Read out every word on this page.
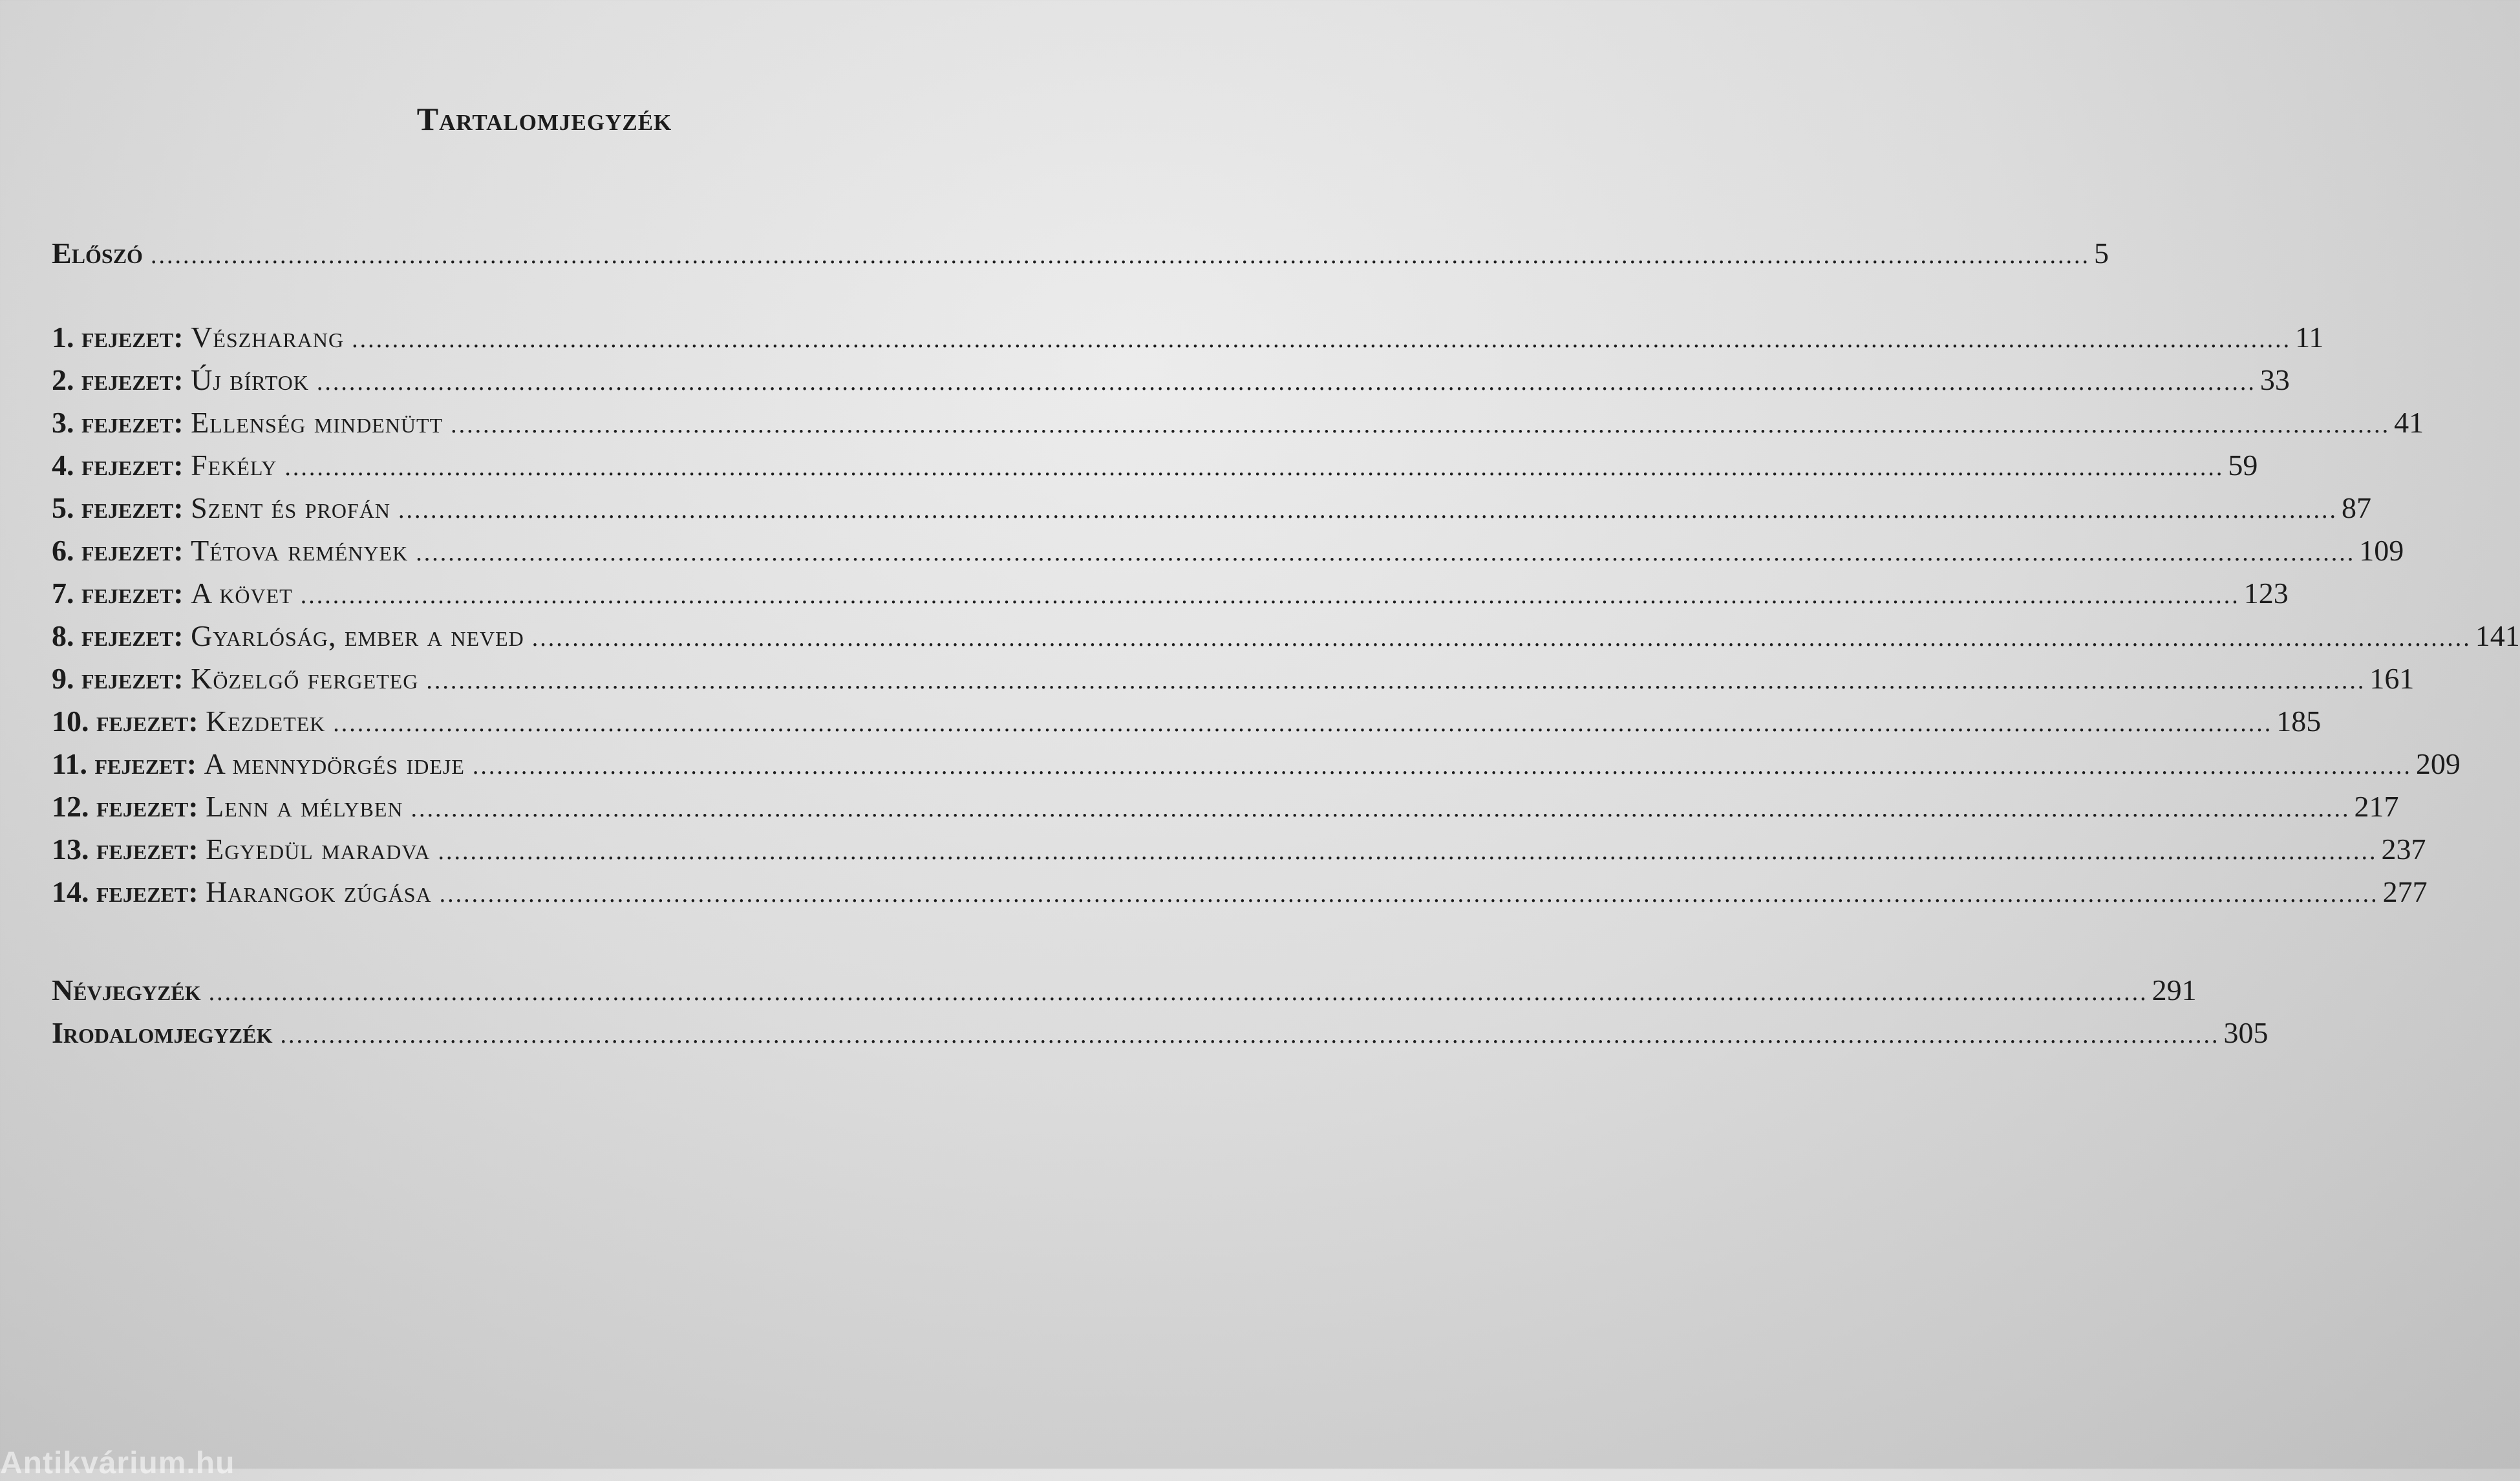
Tartalomjegyzék
Előszó ................................................................................................................................................................................................................................................ 5
1. fejezet: Vészharang ................................................................................................................................................................................................................................................ 11
2. fejezet: Új bírtok ................................................................................................................................................................................................................................................ 33
3. fejezet: Ellenség mindenütt ................................................................................................................................................................................................................................................ 41
4. fejezet: Fekély ................................................................................................................................................................................................................................................ 59
5. fejezet: Szent és profán ................................................................................................................................................................................................................................................ 87
6. fejezet: Tétova remények ................................................................................................................................................................................................................................................ 109
7. fejezet: A követ ................................................................................................................................................................................................................................................ 123
8. fejezet: Gyarlóság, ember a neved ................................................................................................................................................................................................................................................ 141
9. fejezet: Közelgő fergeteg ................................................................................................................................................................................................................................................ 161
10. fejezet: Kezdetek ................................................................................................................................................................................................................................................ 185
11. fejezet: A mennydörgés ideje ................................................................................................................................................................................................................................................ 209
12. fejezet: Lenn a mélyben ................................................................................................................................................................................................................................................ 217
13. fejezet: Egyedül maradva ................................................................................................................................................................................................................................................ 237
14. fejezet: Harangok zúgása ................................................................................................................................................................................................................................................ 277
Névjegyzék ................................................................................................................................................................................................................................................ 291
Irodalomjegyzék ................................................................................................................................................................................................................................................ 305
Antikvárium.hu
